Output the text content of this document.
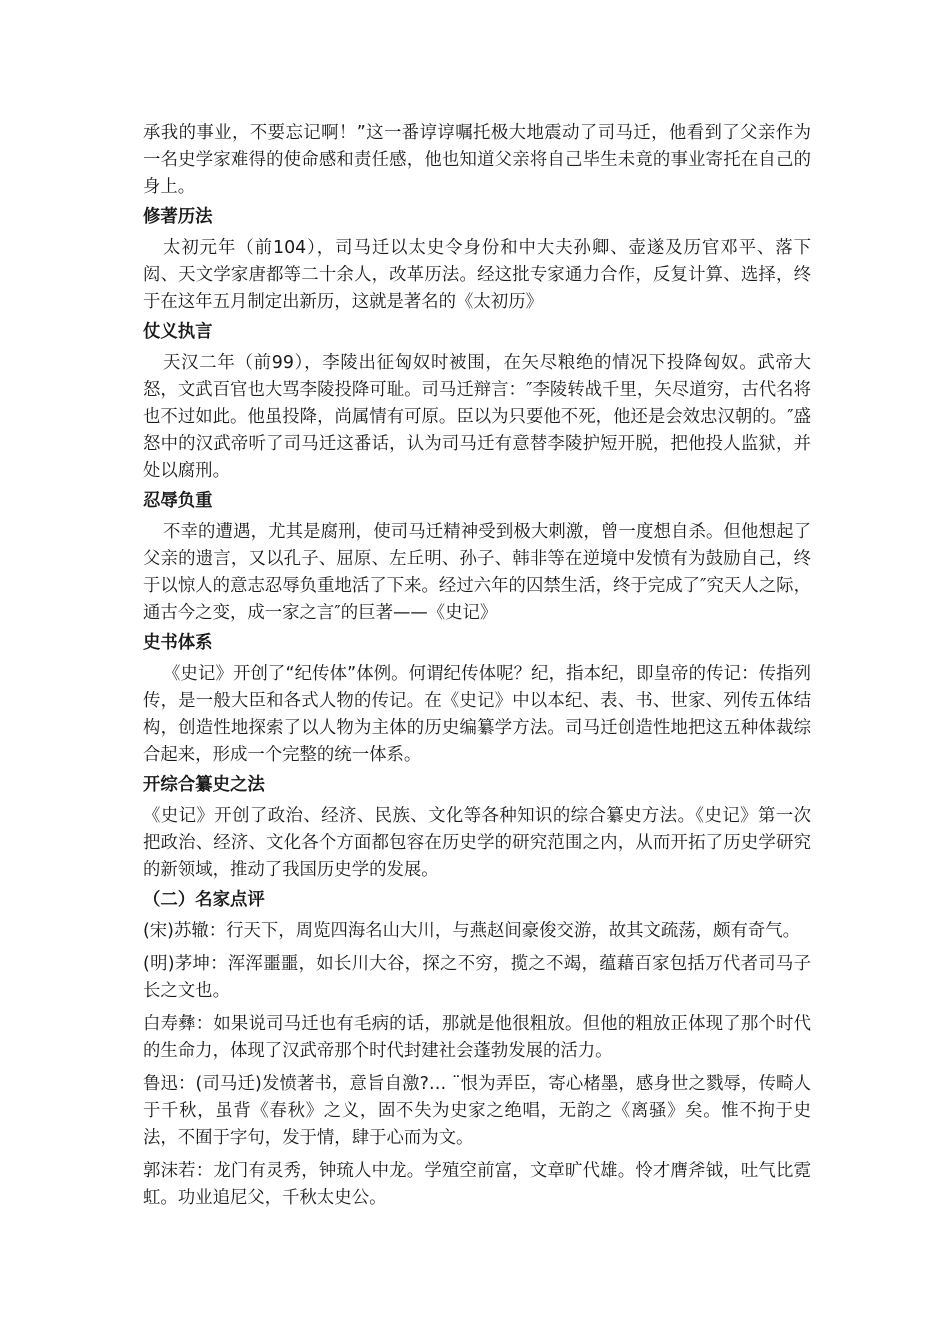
承我的事业，不要忘记啊！”这一番谆谆嘱托极大地震动了司马迁，他看到了父亲作为一名史学家难得的使命感和责任感，他也知道父亲将自己毕生未竟的事业寄托在自己的身上。

修著历法

太初元年（前104），司马迁以太史令身份和中大夫孙卿、壶遂及历官邓平、落下闳、天文学家唐都等二十余人，改革历法。经这批专家通力合作，反复计算、选择，终于在这年五月制定出新历，这就是著名的《太初历》

仗义执言

天汉二年（前99），李陵出征匈奴时被围，在矢尽粮绝的情况下投降匈奴。武帝大怒，文武百官也大骂李陵投降可耻。司马迁辩言：″李陵转战千里，矢尽道穷，古代名将也不过如此。他虽投降，尚属情有可原。臣以为只要他不死，他还是会效忠汉朝的。″盛怒中的汉武帝听了司马迁这番话，认为司马迁有意替李陵护短开脱，把他投人监狱，并处以腐刑。

忍辱负重

不幸的遭遇，尤其是腐刑，使司马迁精神受到极大刺激，曾一度想自杀。但他想起了父亲的遗言，又以孔子、屈原、左丘明、孙子、韩非等在逆境中发愤有为鼓励自己，终于以惊人的意志忍辱负重地活了下来。经过六年的囚禁生活，终于完成了″究天人之际，通古今之变，成一家之言″的巨著——《史记》

史书体系

《史记》开创了“纪传体”体例。何谓纪传体呢？纪，指本纪，即皇帝的传记：传指列传，是一般大臣和各式人物的传记。在《史记》中以本纪、表、书、世家、列传五体结构，创造性地探索了以人物为主体的历史编纂学方法。司马迁创造性地把这五种体裁综合起来，形成一个完整的统一体系。

开综合纂史之法

《史记》开创了政治、经济、民族、文化等各种知识的综合纂史方法。《史记》第一次把政治、经济、文化各个方面都包容在历史学的研究范围之内，从而开拓了历史学研究的新领域，推动了我国历史学的发展。

（二）名家点评

(宋)苏辙：行天下，周览四海名山大川，与燕赵间豪俊交游，故其文疏荡，颇有奇气。

(明)茅坤：浑浑噩噩，如长川大谷，探之不穷，揽之不竭，蕴藉百家包括万代者司马子长之文也。

白寿彝：如果说司马迁也有毛病的话，那就是他很粗放。但他的粗放正体现了那个时代的生命力，体现了汉武帝那个时代封建社会蓬勃发展的活力。

鲁迅：(司马迁)发愤著书，意旨自激?… ¨恨为弄臣，寄心楮墨，感身世之戮辱，传畸人于千秋，虽背《春秋》之义，固不失为史家之绝唱，无韵之《离骚》矣。惟不拘于史法，不囿于字句，发于情，肆于心而为文。

郭沫若：龙门有灵秀，钟琉人中龙。学殖空前富，文章旷代雄。怜才膺斧钺，吐气比霓虹。功业追尼父，千秋太史公。
